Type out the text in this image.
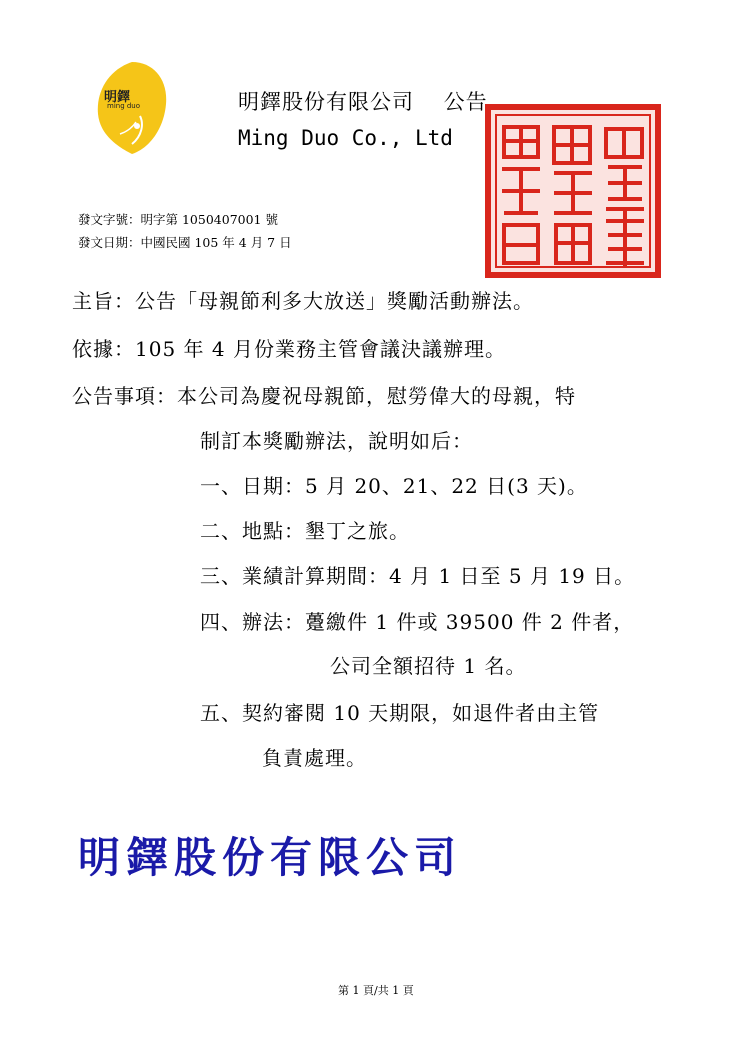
明鐸
ming duo	明鐸股份有限公司　 公告
Ming Duo Co., Ltd
發文字號：明字第 1050407001 號
發文日期：中國民國 105 年 4 月 7 日
主旨：公告「母親節利多大放送」獎勵活動辦法。
依據：105 年 4 月份業務主管會議決議辦理。
公告事項：本公司為慶祝母親節，慰勞偉大的母親，特
制訂本獎勵辦法，說明如后：
一、日期：5 月 20、21、22 日(3 天)。
二、地點：墾丁之旅。
三、業績計算期間：4 月 1 日至 5 月 19 日。
四、辦法：躉繳件 1 件或 39500 件 2 件者，
公司全額招待 1 名。
五、契約審閱 10 天期限，如退件者由主管
負責處理。
明鐸股份有限公司
第 1 頁/共 1 頁
